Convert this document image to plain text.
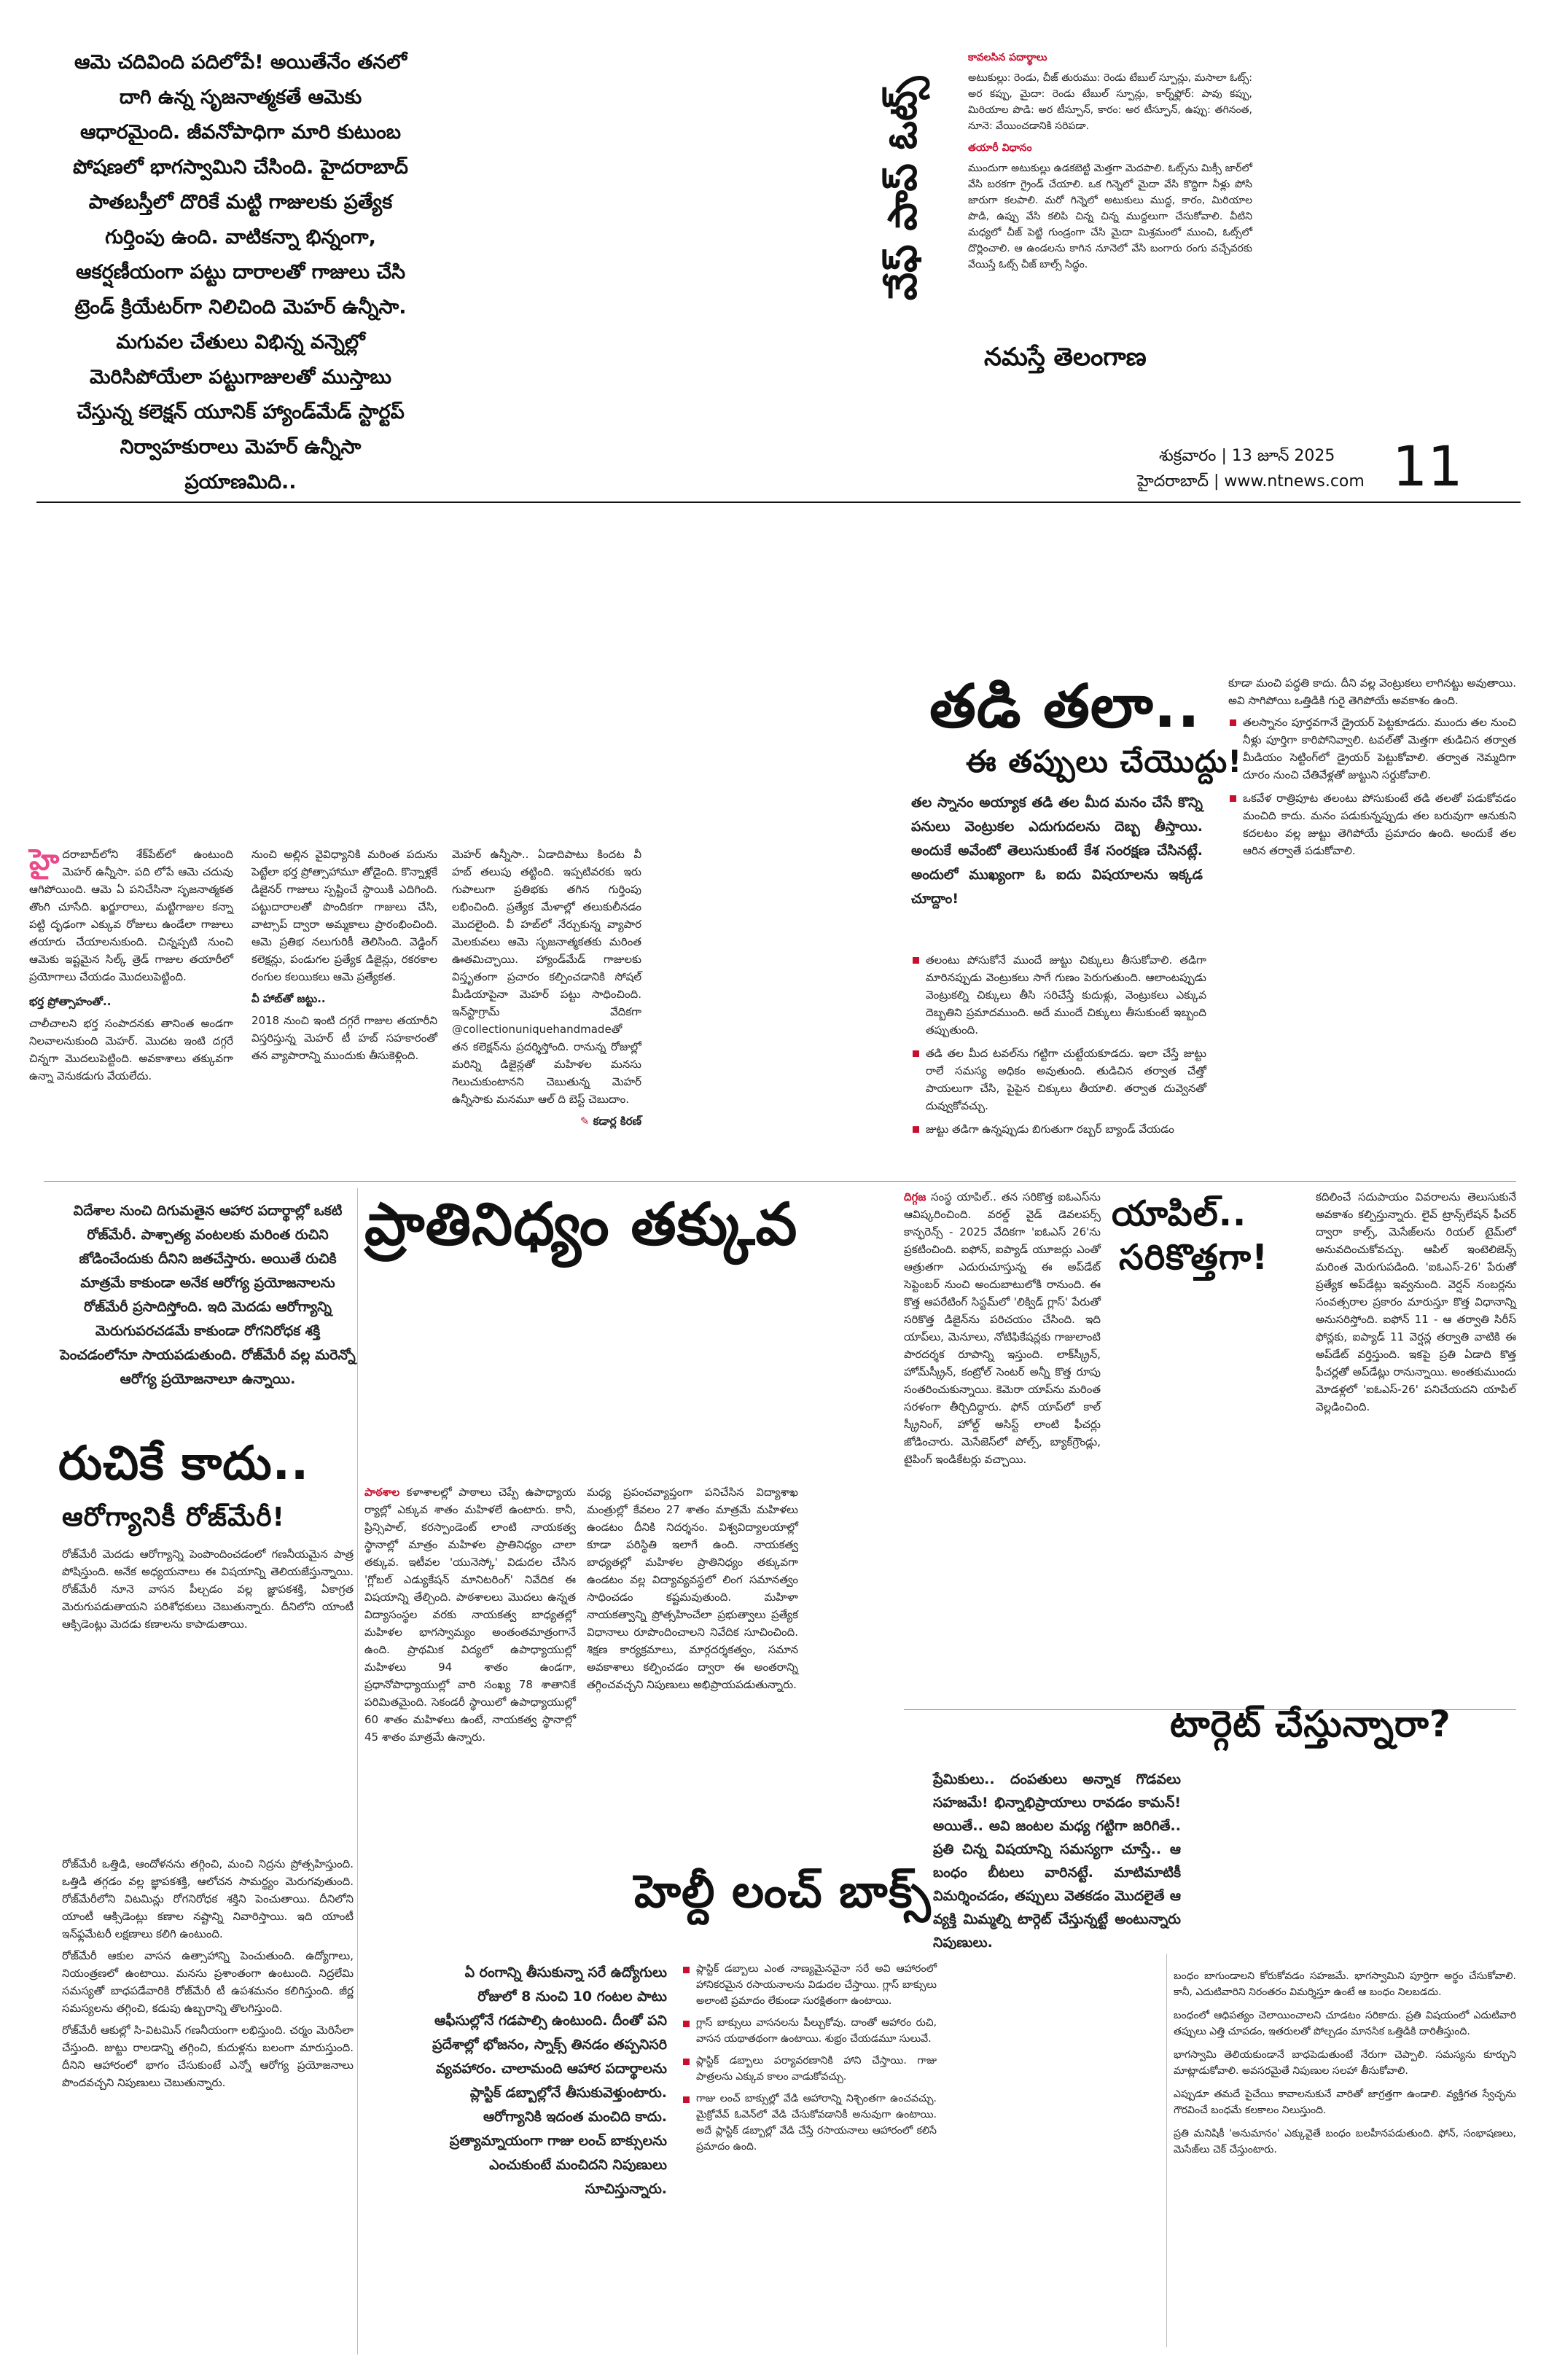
ఆమె చదివింది పదిలోపే! అయితేనేం తనలో దాగి ఉన్న సృజనాత్మకతే ఆమెకు ఆధారమైంది. జీవనోపాధిగా మారి కుటుంబ పోషణలో భాగస్వామిని చేసింది. హైదరాబాద్ పాతబస్తీలో దొరికే మట్టి గాజులకు ప్రత్యేక గుర్తింపు ఉంది. వాటికన్నా భిన్నంగా, ఆకర్షణీయంగా పట్టు దారాలతో గాజులు చేసి ట్రెండ్ క్రియేటర్‌గా నిలిచింది మెహర్ ఉన్నీసా. మగువల చేతులు విభిన్న వన్నెల్లో మెరిసిపోయేలా పట్టుగాజులతో ముస్తాబు చేస్తున్న కలెక్షన్ యూనిక్ హ్యాండ్‌మేడ్ స్టార్టప్ నిర్వాహకురాలు మెహర్ ఉన్నీసా ప్రయాణమిది..
వేఫ్ పాప్ ఓట్స్

కావలసిన పదార్థాలు

అటుకుల్లు: రెండు, చీజ్ తురుము: రెండు టేబుల్ స్పూన్లు, మసాలా ఓట్స్: అర కప్పు, మైదా: రెండు టేబుల్ స్పూన్లు, కార్న్‌ఫ్లోర్: పావు కప్పు, మిరియాల పొడి: అర టీస్పూన్, కారం: అర టీస్పూన్, ఉప్పు: తగినంత, నూనె: వేయించడానికి సరిపడా.

తయారీ విధానం

ముందుగా అటుకుల్లు ఉడకబెట్టి మెత్తగా మెదపాలి. ఓట్స్‌ను మిక్సీ జార్‌లో వేసి బరకగా గ్రైండ్ చేయాలి. ఒక గిన్నెలో మైదా వేసి కొద్దిగా నీళ్లు పోసి జారుగా కలపాలి. మరో గిన్నెలో అటుకులు ముద్ద, కారం, మిరియాల పొడి, ఉప్పు వేసి కలిపి చిన్న చిన్న ముద్దలుగా చేసుకోవాలి. వీటిని మధ్యలో చీజ్ పెట్టి గుండ్రంగా చేసి మైదా మిశ్రమంలో ముంచి, ఓట్స్‌లో దొర్లించాలి. ఆ ఉండలను కాగిన నూనెలో వేసి బంగారు రంగు వచ్చేవరకు వేయిస్తే ఓట్స్ చీజ్ బాల్స్ సిద్ధం.

నమస్తే తెలంగాణ
శుక్రవారం | 13 జూన్ 2025
హైదరాబాద్ | www.ntnews.com 11

హైదరాబాద్‌లోని శేక్‌పేట్‌లో ఉంటుంది మెహర్ ఉన్నీసా. పది లోపే ఆమె చదువు ఆగిపోయింది. ఆమె ఏ పనిచేసినా సృజనాత్మకత తొంగి చూసేది. ఖర్జూరాలు, మట్టిగాజుల కన్నా పట్టి దృఢంగా ఎక్కువ రోజులు ఉండేలా గాజులు తయారు చేయాలనుకుంది. చిన్నప్పటి నుంచి ఆమెకు ఇష్టమైన సిల్క్ త్రెడ్ గాజుల తయారీలో ప్రయోగాలు చేయడం మొదలుపెట్టింది.

భర్త ప్రోత్సాహంతో..

చాలీచాలని భర్త సంపాదనకు తానింత అండగా నిలవాలనుకుంది మెహర్. మొదట ఇంటి దగ్గరే చిన్నగా మొదలుపెట్టింది. అవకాశాలు తక్కువగా ఉన్నా వెనుకడుగు వేయలేదు.

నుంచి అల్లిన వైవిధ్యానికి మరింత పదును పెట్టేలా భర్త ప్రోత్సాహామూ తోడైంది. కొన్నాళ్లకే డిజైనర్ గాజులు స్పష్టించే స్థాయికి ఎదిగింది. పట్టుదారాలతో పొందికగా గాజులు చేసి, వాట్సాప్ ద్వారా అమ్మకాలు ప్రారంభించింది. ఆమె ప్రతిభ నలుగురికీ తెలిసింది. వెడ్డింగ్ కలెక్షన్లు, పండుగల ప్రత్యేక డిజైన్లు, రకరకాల రంగుల కలయికలు ఆమె ప్రత్యేకత.

వీ హాబ్‌తో జట్టు..

2018 నుంచి ఇంటి దగ్గరే గాజుల తయారీని విస్తరిస్తున్న మెహర్ టీ హబ్ సహకారంతో తన వ్యాపారాన్ని ముందుకు తీసుకెళ్లింది.

మెహర్ ఉన్నీసా.. ఏడాదిపాటు కిందట వీ హబ్ తలుపు తట్టింది. ఇప్పటివరకు ఇరు గుపాలుగా ప్రతిభకు తగిన గుర్తింపు లభించింది. ప్రత్యేక మేళాల్లో తలుకులీనడం మొదలైంది. వీ హబ్‌లో నేర్చుకున్న వ్యాపార మెలకువలు ఆమె సృజనాత్మకతకు మరింత ఊతమిచ్చాయి. హ్యాండ్‌మేడ్ గాజులకు విస్తృతంగా ప్రచారం కల్పించడానికి సోషల్ మీడియాపైనా మెహర్ పట్టు సాధించింది. ఇన్‌స్టాగ్రామ్ వేదికగా @collectionuniquehandmadeతో తన కలెక్షన్‌ను ప్రదర్శిస్తోంది. రానున్న రోజుల్లో మరిన్ని డిజైన్లతో మహిళల మనసు గెలుచుకుంటానని చెబుతున్న మెహర్ ఉన్నీసాకు మనమూ ఆల్ ది బెస్ట్ చెబుదాం.

✎ కడార్ల కిరణ్

తడి తలా..
ఈ తప్పులు చేయొద్దు!
తల స్నానం అయ్యాక తడి తల మీద మనం చేసే కొన్ని పనులు వెంట్రుకల ఎదుగుదలను దెబ్బ తీస్తాయి. అందుకే అవేంటో తెలుసుకుంటే కేశ సంరక్షణ చేసినట్లే. అందులో ముఖ్యంగా ఓ ఐదు విషయాలను ఇక్కడ చూద్దాం!
తలంటు పోసుకోనే ముందే జుట్టు చిక్కులు తీసుకోవాలి. తడిగా మారినప్పుడు వెంట్రుకలు సాగే గుణం పెరుగుతుంది. ఆలాంటప్పుడు వెంట్రుకల్ని చిక్కులు తీసి సరిచేస్తే కుదుళ్లు, వెంట్రుకలు ఎక్కువ దెబ్బతిని ప్రమాదముంది. అదే ముందే చిక్కులు తీసుకుంటే ఇబ్బంది తప్పుతుంది.
తడి తల మీద టవల్‌ను గట్టిగా చుట్టేయకూడదు. ఇలా చేస్తే జుట్టు రాలే సమస్య అధికం అవుతుంది. తుడిచిన తర్వాత చేత్తో పాయలుగా చేసి, పైపైన చిక్కులు తీయాలి. తర్వాత దువ్వెనతో దువ్వుకోవచ్చు.
జుట్టు తడిగా ఉన్నప్పుడు బిగుతుగా రబ్బర్ బ్యాండ్ వేయడం

కూడా మంచి పద్ధతి కాదు. దీని వల్ల వెంట్రుకలు లాగినట్టు అవుతాయి. అవి సాగిపోయి ఒత్తిడికి గురై తెగిపోయే అవకాశం ఉంది.

తలస్నానం పూర్తవగానే డ్రైయర్ పెట్టకూడదు. ముందు తల నుంచి నీళ్లు పూర్తిగా కారిపోనివ్వాలి. టవల్‌తో మెత్తగా తుడిచిన తర్వాత మీడియం సెట్టింగ్‌లో డ్రైయర్ పెట్టుకోవాలి. తర్వాత నెమ్మదిగా దూరం నుంచి చేతివేళ్లతో జుట్టుని సర్దుకోవాలి.
ఒకవేళ రాత్రిపూట తలంటు పోసుకుంటే తడి తలతో పడుకోవడం మంచిది కాదు. మనం పడుకున్నప్పుడు తల బరువుగా ఆనుకుని కదలటం వల్ల జుట్టు తెగిపోయే ప్రమాదం ఉంది. అందుకే తల ఆరిన తర్వాతే పడుకోవాలి.
విదేశాల నుంచి దిగుమతైన ఆహార పదార్థాల్లో ఒకటి రోజ్‌మేరీ. పాశ్చాత్య వంటలకు మరింత రుచిని జోడించేందుకు దీనిని జతచేస్తారు. అయితే రుచికి మాత్రమే కాకుండా అనేక ఆరోగ్య ప్రయోజనాలను రోజ్‌మేరీ ప్రసాదిస్తోంది. ఇది మెదడు ఆరోగ్యాన్ని మెరుగుపరచడమే కాకుండా రోగనిరోధక శక్తి పెంచడంలోనూ సాయపడుతుంది. రోజ్‌మేరీ వల్ల మరెన్నో ఆరోగ్య ప్రయోజనాలూ ఉన్నాయి.
రుచికే కాదు..
ఆరోగ్యానికీ రోజ్‌మేరీ!

రోజ్‌మేరీ మెదడు ఆరోగ్యాన్ని పెంపొందించడంలో గణనీయమైన పాత్ర పోషిస్తుంది. అనేక అధ్యయనాలు ఈ విషయాన్ని తెలియజేస్తున్నాయి. రోజ్‌మేరీ నూనె వాసన పీల్చడం వల్ల జ్ఞాపకశక్తి, ఏకాగ్రత మెరుగుపడుతాయని పరిశోధకులు చెబుతున్నారు. దీనిలోని యాంటీ ఆక్సిడెంట్లు మెదడు కణాలను కాపాడుతాయి.

రోజ్‌మేరీ ఒత్తిడి, ఆందోళనను తగ్గించి, మంచి నిద్రను ప్రోత్సహిస్తుంది. ఒత్తిడి తగ్గడం వల్ల జ్ఞాపకశక్తి, ఆలోచన సామర్థ్యం మెరుగవుతుంది. రోజ్‌మేరీలోని విటమిన్లు రోగనిరోధక శక్తిని పెంచుతాయి. దీనిలోని యాంటీ ఆక్సిడెంట్లు కణాల నష్టాన్ని నివారిస్తాయి. ఇది యాంటీ ఇన్‌ఫ్లమేటరీ లక్షణాలు కలిగి ఉంటుంది.

రోజ్‌మేరీ ఆకుల వాసన ఉత్సాహాన్ని పెంచుతుంది. ఉద్యోగాలు, నియంత్రణలో ఉంటాయి. మనసు ప్రశాంతంగా ఉంటుంది. నిద్రలేమి సమస్యతో బాధపడేవారికి రోజ్‌మేరీ టీ ఉపశమనం కలిగిస్తుంది. జీర్ణ సమస్యలను తగ్గించి, కడుపు ఉబ్బరాన్ని తొలగిస్తుంది.

రోజ్‌మేరీ ఆకుల్లో సి-విటమిన్ గణనీయంగా లభిస్తుంది. చర్మం మెరిసేలా చేస్తుంది. జుట్టు రాలడాన్ని తగ్గించి, కుదుళ్లను బలంగా మారుస్తుంది. దీనిని ఆహారంలో భాగం చేసుకుంటే ఎన్నో ఆరోగ్య ప్రయోజనాలు పొందవచ్చని నిపుణులు చెబుతున్నారు.

ప్రాతినిధ్యం తక్కువ

పాఠశాల కళాశాలల్లో పాఠాలు చెప్పే ఉపాధ్యాయ ర్యాల్లో ఎక్కువ శాతం మహిళలే ఉంటారు. కానీ, ప్రిన్సిపాల్, కరస్పాండెంట్ లాంటి నాయకత్వ స్థానాల్లో మాత్రం మహిళల ప్రాతినిధ్యం చాలా తక్కువ. ఇటీవల 'యునెస్కో' విడుదల చేసిన 'గ్లోబల్ ఎడ్యుకేషన్ మానిటరింగ్' నివేదిక ఈ విషయాన్ని తేల్చింది. పాఠశాలలు మొదలు ఉన్నత విద్యాసంస్థల వరకు నాయకత్వ బాధ్యతల్లో మహిళల భాగస్వామ్యం అంతంతమాత్రంగానే ఉంది. ప్రాథమిక విద్యలో ఉపాధ్యాయుల్లో మహిళలు 94 శాతం ఉండగా, ప్రధానోపాధ్యాయుల్లో వారి సంఖ్య 78 శాతానికే పరిమితమైంది. సెకండరీ స్థాయిలో ఉపాధ్యాయుల్లో 60 శాతం మహిళలు ఉంటే, నాయకత్వ స్థానాల్లో 45 శాతం మాత్రమే ఉన్నారు.

మధ్య ప్రపంచవ్యాప్తంగా పనిచేసిన విద్యాశాఖ మంత్రుల్లో కేవలం 27 శాతం మాత్రమే మహిళలు ఉండటం దీనికి నిదర్శనం. విశ్వవిద్యాలయాల్లో కూడా పరిస్థితి ఇలాగే ఉంది. నాయకత్వ బాధ్యతల్లో మహిళల ప్రాతినిధ్యం తక్కువగా ఉండటం వల్ల విద్యావ్యవస్థలో లింగ సమానత్వం సాధించడం కష్టమవుతుంది. మహిళా నాయకత్వాన్ని ప్రోత్సహించేలా ప్రభుత్వాలు ప్రత్యేక విధానాలు రూపొందించాలని నివేదిక సూచించింది. శిక్షణ కార్యక్రమాలు, మార్గదర్శకత్వం, సమాన అవకాశాలు కల్పించడం ద్వారా ఈ అంతరాన్ని తగ్గించవచ్చని నిపుణులు అభిప్రాయపడుతున్నారు.

యాపిల్..
సరికొత్తగా!

దిగ్గజ సంస్థ యాపిల్.. తన సరికొత్త ఐఓఎస్‌ను ఆవిష్కరించింది. వరల్డ్ వైడ్ డెవలపర్స్ కాన్ఫరెన్స్ - 2025 వేదికగా 'ఐఓఎస్ 26'ను ప్రకటించింది. ఐఫోన్, ఐప్యాడ్ యూజర్లు ఎంతో ఆత్రుతగా ఎదురుచూస్తున్న ఈ అప్‌డేట్ సెప్టెంబర్ నుంచి అందుబాటులోకి రానుంది. ఈ కొత్త ఆపరేటింగ్ సిస్టమ్‌లో 'లిక్విడ్ గ్లాస్' పేరుతో సరికొత్త డిజైన్‌ను పరిచయం చేసింది. ఇది యాప్‌లు, మెనూలు, నోటిఫికేషన్లకు గాజులాంటి పారదర్శక రూపాన్ని ఇస్తుంది. లాక్‌స్క్రీన్, హోమ్‌స్క్రీన్, కంట్రోల్ సెంటర్ అన్నీ కొత్త రూపు సంతరించుకున్నాయి. కెమెరా యాప్‌ను మరింత సరళంగా తీర్చిదిద్దారు. ఫోన్ యాప్‌లో కాల్ స్క్రీనింగ్, హోల్డ్ అసిస్ట్ లాంటి ఫీచర్లు జోడించారు. మెసేజెస్‌లో పోల్స్, బ్యాక్‌గ్రౌండ్లు, టైపింగ్ ఇండికేటర్లు వచ్చాయి.

కదిలించే సదుపాయం వివరాలను తెలుసుకునే అవకాశం కల్పిస్తున్నారు. లైవ్ ట్రాన్స్‌లేషన్ ఫీచర్ ద్వారా కాల్స్, మెసేజ్‌లను రియల్ టైమ్‌లో అనువదించుకోవచ్చు. ఆపిల్ ఇంటెలిజెన్స్ మరింత మెరుగుపడింది. 'ఐఓఎస్-26' పేరుతో ప్రత్యేక అప్‌డేట్లు ఇవ్వనుంది. వెర్షన్ నంబర్లను సంవత్సరాల ప్రకారం మారుస్తూ కొత్త విధానాన్ని అనుసరిస్తోంది. ఐఫోన్ 11 - ఆ తర్వాతి సిరీస్ ఫోన్లకు, ఐప్యాడ్ 11 వెర్షన్ల తర్వాతి వాటికి ఈ అప్‌డేట్ వర్తిస్తుంది. ఇకపై ప్రతి ఏడాది కొత్త ఫీచర్లతో అప్‌డేట్లు రానున్నాయి. అంతకుముందు మోడళ్లలో 'ఐఓఎస్-26' పనిచేయదని యాపిల్ వెల్లడించింది.

టార్గెట్ చేస్తున్నారా?
ప్రేమికులు.. దంపతులు అన్నాక గొడవలు సహజమే! భిన్నాభిప్రాయాలు రావడం కామన్! అయితే.. అవి జంటల మధ్య గట్టిగా జరిగితే.. ప్రతి చిన్న విషయాన్ని సమస్యగా చూస్తే.. ఆ బంధం బీటలు వారినట్టే. మాటిమాటికీ విమర్శించడం, తప్పులు వెతకడం మొదలైతే ఆ వ్యక్తి మిమ్మల్ని టార్గెట్ చేస్తున్నట్టే అంటున్నారు నిపుణులు.

బంధం బాగుండాలని కోరుకోవడం సహజమే. భాగస్వామిని పూర్తిగా అర్థం చేసుకోవాలి. కానీ, ఎదుటివారిని నిరంతరం విమర్శిస్తూ ఉంటే ఆ బంధం నిలబడదు.

బంధంలో ఆధిపత్యం చెలాయించాలని చూడటం సరికాదు. ప్రతి విషయంలో ఎదుటివారి తప్పులు ఎత్తి చూపడం, ఇతరులతో పోల్చడం మానసిక ఒత్తిడికి దారితీస్తుంది.

భాగస్వామి తెలియకుండానే బాధపెడుతుంటే నేరుగా చెప్పాలి. సమస్యను కూర్చుని మాట్లాడుకోవాలి. అవసరమైతే నిపుణుల సలహా తీసుకోవాలి.

ఎప్పుడూ తమదే పైచేయి కావాలనుకునే వారితో జాగ్రత్తగా ఉండాలి. వ్యక్తిగత స్వేచ్ఛను గౌరవించే బంధమే కలకాలం నిలుస్తుంది.

ప్రతి మనిషికీ 'అనుమానం' ఎక్కువైతే బంధం బలహీనపడుతుంది. ఫోన్, సంభాషణలు, మెసేజ్‌లు చెక్ చేస్తుంటారు.

హెల్దీ లంచ్ బాక్స్
ఏ రంగాన్ని తీసుకున్నా సరే ఉద్యోగులు రోజులో 8 నుంచి 10 గంటల పాటు ఆఫీసుల్లోనే గడపాల్సి ఉంటుంది. దీంతో పని ప్రదేశాల్లో భోజనం, స్నాక్స్ తినడం తప్పనిసరి వ్యవహారం. చాలామంది ఆహార పదార్థాలను ప్లాస్టిక్ డబ్బాల్లోనే తీసుకువెళ్తుంటారు. ఆరోగ్యానికి ఇదంత మంచిది కాదు. ప్రత్యామ్నాయంగా గాజు లంచ్ బాక్సులను ఎంచుకుంటే మంచిదని నిపుణులు సూచిస్తున్నారు.
ప్లాస్టిక్ డబ్బాలు ఎంత నాణ్యమైనవైనా సరే అవి ఆహారంలో హానికరమైన రసాయనాలను విడుదల చేస్తాయి. గ్లాస్ బాక్సులు అలాంటి ప్రమాదం లేకుండా సురక్షితంగా ఉంటాయి.
గ్లాస్ బాక్సులు వాసనలను పీల్చుకోవు. దాంతో ఆహారం రుచి, వాసన యథాతథంగా ఉంటాయి. శుభ్రం చేయడమూ సులువే.
ప్లాస్టిక్ డబ్బాలు పర్యావరణానికి హాని చేస్తాయి. గాజు పాత్రలను ఎక్కువ కాలం వాడుకోవచ్చు.
గాజు లంచ్ బాక్సుల్లో వేడి ఆహారాన్ని నిశ్చింతగా ఉంచవచ్చు. మైక్రోవేవ్ ఓవెన్‌లో వేడి చేసుకోవడానికీ అనువుగా ఉంటాయి. అదే ప్లాస్టిక్ డబ్బాల్లో వేడి చేస్తే రసాయనాలు ఆహారంలో కలిసే ప్రమాదం ఉంది.
